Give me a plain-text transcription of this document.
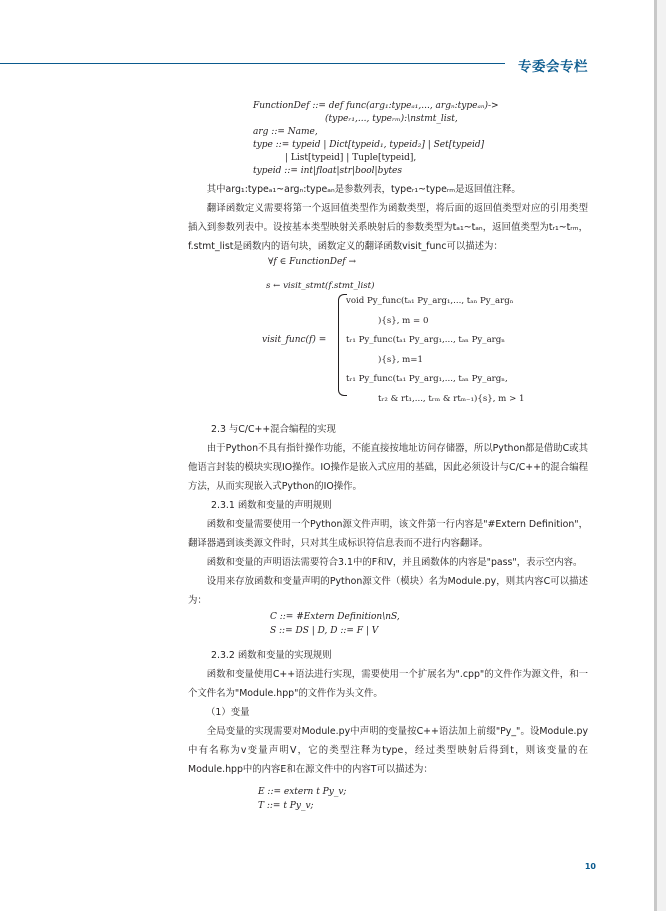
专委会专栏
FunctionDef ::= def func(arg₁:typeₐ₁,..., argₙ:typeₐₙ)->
(typeᵣ₁,..., typeᵣₘ):\nstmt_list,
arg ::= Name,
type ::= typeid | Dict[typeid₁, typeid₂] | Set[typeid]
| List[typeid] | Tuple[typeid],
typeid ::= int|float|str|bool|bytes

其中arg₁:typeₐ₁~argₙ:typeₐₙ是参数列表，typeᵣ₁~typeᵣₘ是返回值注释。

翻译函数定义需要将第一个返回值类型作为函数类型，将后面的返回值类型对应的引用类型插入到参数列表中。设按基本类型映射关系映射后的参数类型为tₐ₁~tₐₙ，返回值类型为tᵣ₁~tᵣₘ，f.stmt_list是函数内的语句块，函数定义的翻译函数visit_func可以描述为：

∀f ∈ FunctionDef →
s ← visit_stmt(f.stmt_list)
visit_func(f) =
void Py_func(tₐ₁ Py_arg₁,..., tₐₙ Py_argₙ
){s}, m = 0
tᵣ₁ Py_func(tₐ₁ Py_arg₁,..., tₐₙ Py_argₙ
){s}, m=1
tᵣ₁ Py_func(tₐ₁ Py_arg₁,..., tₐₙ Py_argₙ,
tᵣ₂ & rt₁,..., tᵣₘ & rtₘ₋₁){s}, m > 1
2.3 与C/C++混合编程的实现

由于Python不具有指针操作功能，不能直接按地址访问存储器，所以Python都是借助C或其他语言封装的模块实现IO操作。IO操作是嵌入式应用的基础，因此必须设计与C/C++的混合编程方法，从而实现嵌入式Python的IO操作。

2.3.1 函数和变量的声明规则

函数和变量需要使用一个Python源文件声明，该文件第一行内容是"#Extern Definition"，翻译器遇到该类源文件时，只对其生成标识符信息表而不进行内容翻译。

函数和变量的声明语法需要符合3.1中的F和V，并且函数体的内容是"pass"，表示空内容。

设用来存放函数和变量声明的Python源文件（模块）名为Module.py，则其内容C可以描述为：

C ::= #Extern Definition\nS,
S ::= DS | D, D ::= F | V
2.3.2 函数和变量的实现规则

函数和变量使用C++语法进行实现，需要使用一个扩展名为".cpp"的文件作为源文件，和一个文件名为"Module.hpp"的文件作为头文件。

（1）变量

全局变量的实现需要对Module.py中声明的变量按C++语法加上前缀"Py_"。设Module.py中有名称为v变量声明V，它的类型注释为type，经过类型映射后得到t，则该变量的在Module.hpp中的内容E和在源文件中的内容T可以描述为：

E ::= extern t Py_v;
T ::= t Py_v;
10
